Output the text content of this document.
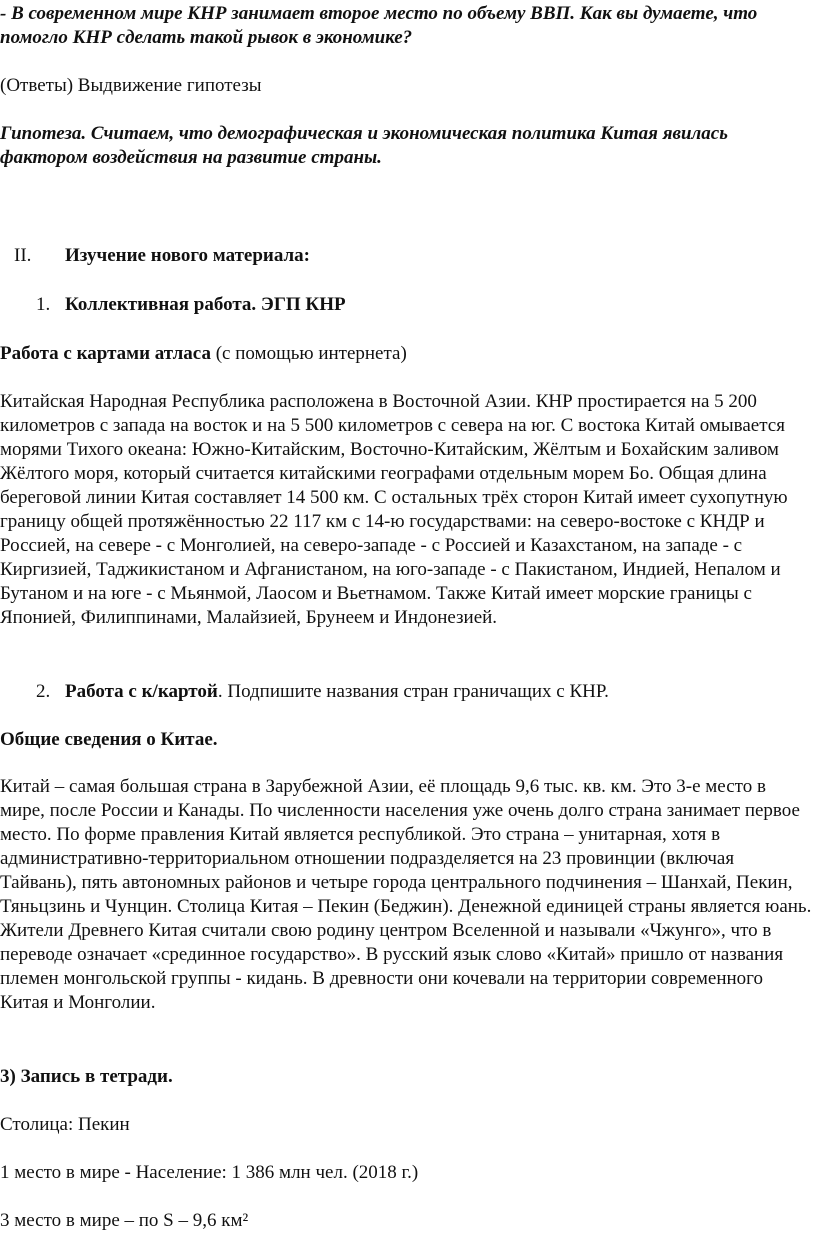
- В современном мире КНР занимает второе место по объему ВВП. Как вы думаете, что помогло КНР сделать такой рывок в экономике?

(Ответы) Выдвижение гипотезы

Гипотеза. Считаем, что демографическая и экономическая политика Китая явилась фактором воздействия на развитие страны.

II. Изучение нового материала:
1. Коллективная работа. ЭГП КНР

Работа с картами атласа (с помощью интернета)

Китайская Народная Республика расположена в Восточной Азии. КНР простирается на 5 200 километров с запада на восток и на 5 500 километров с севера на юг. С востока Китай омывается морями Тихого океана: Южно-Китайским, Восточно-Китайским, Жёлтым и Бохайским заливом Жёлтого моря, который считается китайскими географами отдельным морем Бо. Общая длина береговой линии Китая составляет 14 500 км. С остальных трёх сторон Китай имеет сухопутную границу общей протяжённостью 22 117 км с 14-ю государствами: на северо-востоке с КНДР и Россией, на севере - с Монголией, на северо-западе - с Россией и Казахстаном, на западе - с Киргизией, Таджикистаном и Афганистаном, на юго-западе - с Пакистаном, Индией, Непалом и Бутаном и на юге - с Мьянмой, Лаосом и Вьетнамом. Также Китай имеет морские границы с Японией, Филиппинами, Малайзией, Брунеем и Индонезией.

2. Работа с к/картой. Подпишите названия стран граничащих с КНР.

Общие сведения о Китае.

Китай – самая большая страна в Зарубежной Азии, её площадь 9,6 тыс. кв. км. Это 3-е место в мире, после России и Канады. По численности населения уже очень долго страна занимает первое место. По форме правления Китай является республикой. Это страна – унитарная, хотя в административно-территориальном отношении подразделяется на 23 провинции (включая Тайвань), пять автономных районов и четыре города центрального подчинения – Шанхай, Пекин, Тяньцзинь и Чунцин. Столица Китая – Пекин (Беджин). Денежной единицей страны является юань. Жители Древнего Китая считали свою родину центром Вселенной и называли «Чжунго», что в переводе означает «срединное государство». В русский язык слово «Китай» пришло от названия племен монгольской группы - кидань. В древности они кочевали на территории современного Китая и Монголии.

3) Запись в тетради.

Столица: Пекин

1 место в мире - Население: 1 386 млн чел. (2018 г.)

3 место в мире – по S – 9,6 км²
